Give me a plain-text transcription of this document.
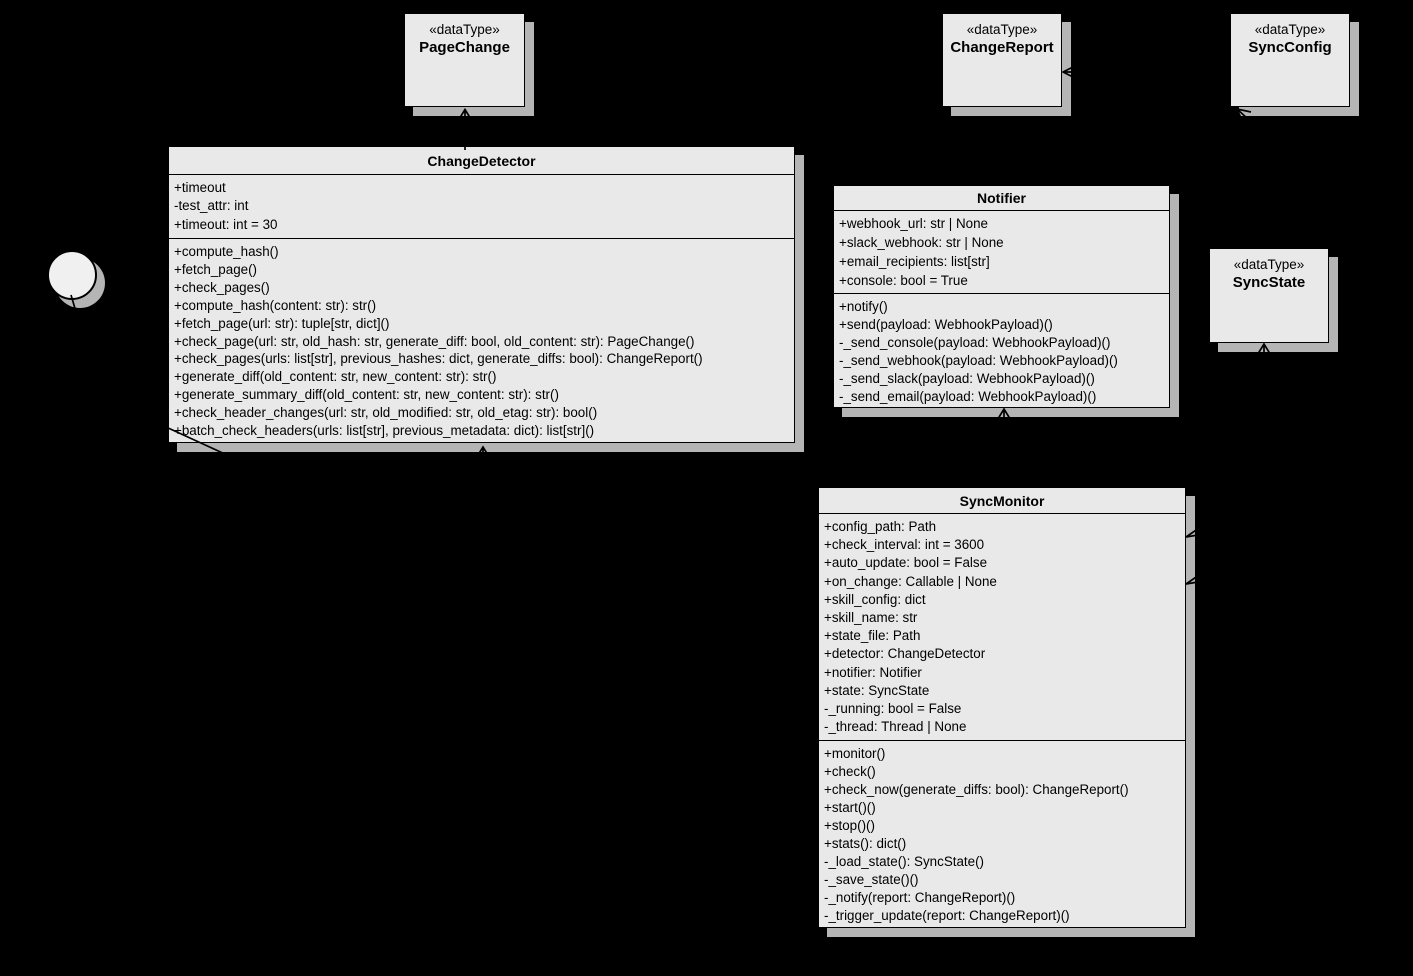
«dataType»
PageChange
«dataType»
ChangeReport
«dataType»
SyncConfig
«dataType»
SyncState
ChangeDetector
+timeout
-test_attr: int
+timeout: int = 30
+compute_hash()
+fetch_page()
+check_pages()
+compute_hash(content: str): str()
+fetch_page(url: str): tuple[str, dict]()
+check_page(url: str, old_hash: str, generate_diff: bool, old_content: str): PageChange()
+check_pages(urls: list[str], previous_hashes: dict, generate_diffs: bool): ChangeReport()
+generate_diff(old_content: str, new_content: str): str()
+generate_summary_diff(old_content: str, new_content: str): str()
+check_header_changes(url: str, old_modified: str, old_etag: str): bool()
+batch_check_headers(urls: list[str], previous_metadata: dict): list[str]()
Notifier
+webhook_url: str | None
+slack_webhook: str | None
+email_recipients: list[str]
+console: bool = True
+notify()
+send(payload: WebhookPayload)()
-_send_console(payload: WebhookPayload)()
-_send_webhook(payload: WebhookPayload)()
-_send_slack(payload: WebhookPayload)()
-_send_email(payload: WebhookPayload)()
SyncMonitor
+config_path: Path
+check_interval: int = 3600
+auto_update: bool = False
+on_change: Callable | None
+skill_config: dict
+skill_name: str
+state_file: Path
+detector: ChangeDetector
+notifier: Notifier
+state: SyncState
-_running: bool = False
-_thread: Thread | None
+monitor()
+check()
+check_now(generate_diffs: bool): ChangeReport()
+start()()
+stop()()
+stats(): dict()
-_load_state(): SyncState()
-_save_state()()
-_notify(report: ChangeReport)()
-_trigger_update(report: ChangeReport)()
